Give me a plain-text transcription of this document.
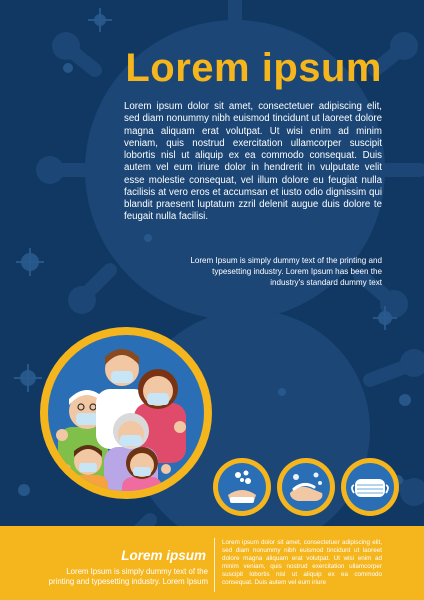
Lorem ipsum
Lorem ipsum dolor sit amet, consectetuer adipiscing elit, sed diam nonummy nibh euismod tincidunt ut laoreet dolore magna aliquam erat volutpat. Ut wisi enim ad minim veniam, quis nostrud exercitation ullamcorper suscipit lobortis nisl ut aliquip ex ea commodo consequat. Duis autem vel eum iriure dolor in hendrerit in vulputate velit esse molestie consequat, vel illum dolore eu feugiat nulla facilisis at vero eros et accumsan et iusto odio dignissim qui blandit praesent luptatum zzril delenit augue duis dolore te feugait nulla facilisi.
Lorem Ipsum is simply dummy text of the printing and typesetting industry. Lorem Ipsum has been the industry's standard dummy text
Lorem ipsum
Lorem Ipsum is simply dummy text of the printing and typesetting industry. Lorem Ipsum
Lorem ipsum dolor sit amet, consectetuer adipiscing elit, sed diam nonummy nibh euismod tincidunt ut laoreet dolore magna aliquam erat volutpat. Ut wisi enim ad minim veniam, quis nostrud exercitation ullamcorper suscipit lobortis nisl ut aliquip ex ea commodo consequat. Duis autem vel eum iriure
